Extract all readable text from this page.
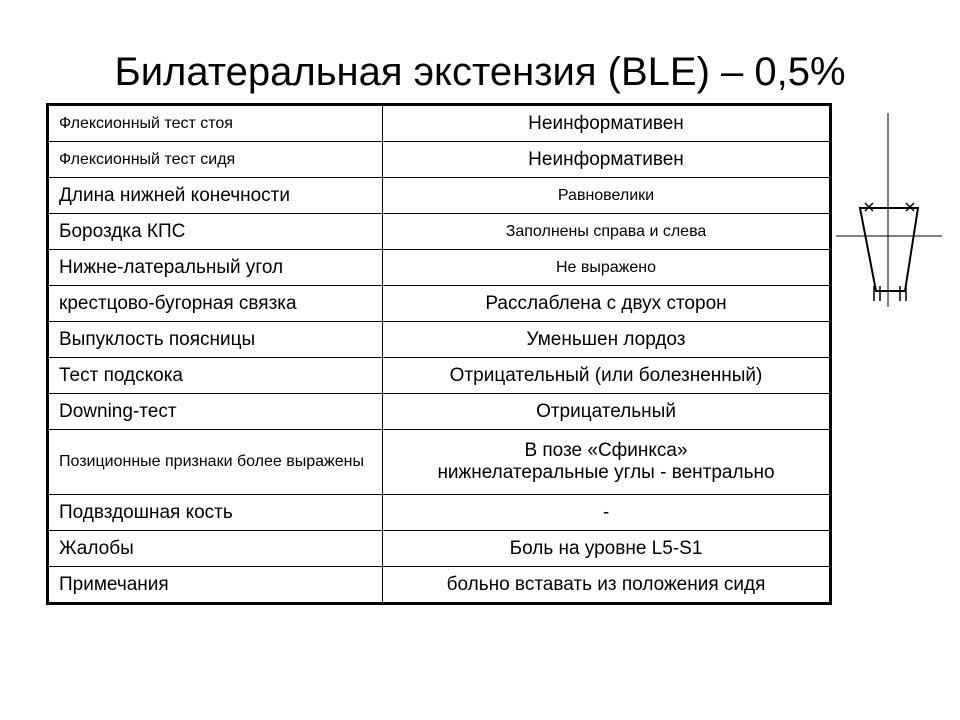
Билатеральная экстензия (BLE) – 0,5%
Флексионный тест стоя	Неинформативен
Флексионный тест сидя	Неинформативен
Длина нижней конечности	Равновелики
Бороздка КПС	Заполнены справа и слева
Нижне-латеральный угол	Не выражено
крестцово-бугорная связка	Расслаблена с двух сторон
Выпуклость поясницы	Уменьшен лордоз
Тест подскока	Отрицательный (или болезненный)
Downing-тест	Отрицательный
Позиционные признаки более выражены	В позе «Сфинкса»
нижнелатеральные углы - вентрально
Подвздошная кость	-
Жалобы	Боль на уровне L5-S1
Примечания	больно вставать из положения сидя
